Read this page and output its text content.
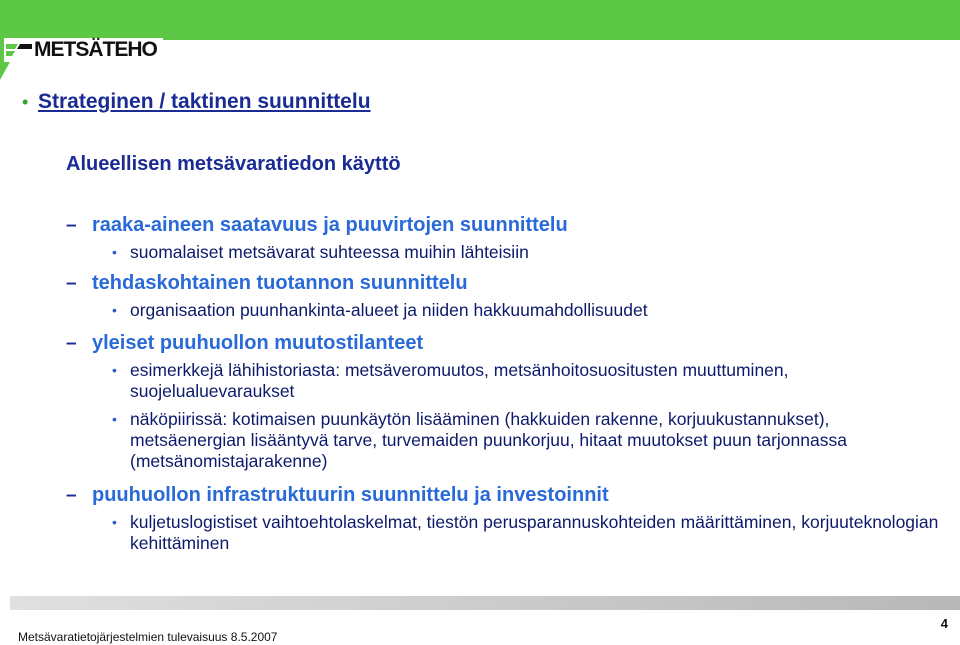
METSÄTEHO
• Strateginen / taktinen suunnittelu
Alueellisen metsävaratiedon käyttö
– raaka-aineen saatavuus ja puuvirtojen suunnittelu
• suomalaiset metsävarat suhteessa muihin lähteisiin
– tehdaskohtainen tuotannon suunnittelu
• organisaation puunhankinta-alueet ja niiden hakkuumahdollisuudet
– yleiset puuhuollon muutostilanteet
• esimerkkejä lähihistoriasta: metsäveromuutos, metsänhoitosuositusten muuttuminen, suojelualuevaraukset
• näköpiirissä: kotimaisen puunkäytön lisääminen (hakkuiden rakenne, korjuukustannukset), metsäenergian lisääntyvä tarve, turvemaiden puunkorjuu, hitaat muutokset puun tarjonnassa (metsänomistajarakenne)
– puuhuollon infrastruktuurin suunnittelu ja investoinnit
• kuljetuslogistiset vaihtoehtolaskelmat, tiestön perusparannuskohteiden määrittäminen, korjuuteknologian kehittäminen
Metsävaratietojärjestelmien tulevaisuus 8.5.2007
4
